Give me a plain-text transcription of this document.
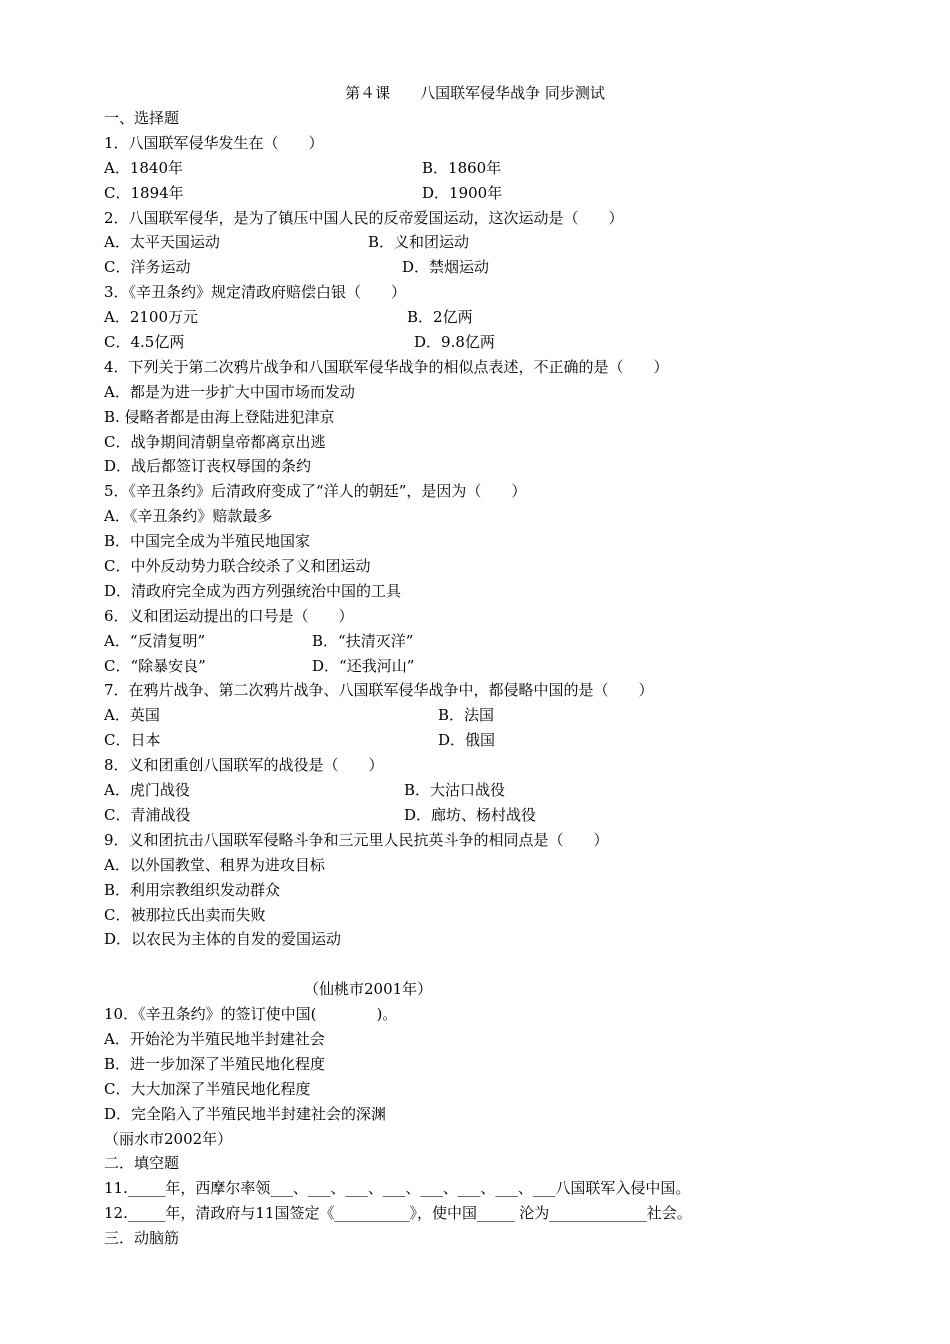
第４课　　八国联军侵华战争 同步测试
一、选择题
1．八国联军侵华发生在（　　）
A．1840年	B．1860年
C．1894年	D．1900年
2．八国联军侵华，是为了镇压中国人民的反帝爱国运动，这次运动是（　　）
A．太平天国运动	B．义和团运动
C．洋务运动	D．禁烟运动
3．《辛丑条约》规定清政府赔偿白银（　　）
A．2100万元	B．2亿两
C．4.5亿两	D．9.8亿两
4．下列关于第二次鸦片战争和八国联军侵华战争的相似点表述，不正确的是（　　）
A．都是为进一步扩大中国市场而发动
B. 侵略者都是由海上登陆进犯津京
C．战争期间清朝皇帝都离京出逃
D．战后都签订丧权辱国的条约
5．《辛丑条约》后清政府变成了“洋人的朝廷”，是因为（　　）
A．《辛丑条约》赔款最多
B．中国完全成为半殖民地国家
C．中外反动势力联合绞杀了义和团运动
D．清政府完全成为西方列强统治中国的工具
6．义和团运动提出的口号是（　　）
A．“反清复明”	B．“扶清灭洋”
C．“除暴安良”	D．“还我河山”
7．在鸦片战争、第二次鸦片战争、八国联军侵华战争中，都侵略中国的是（　　）
A．英国	B．法国
C．日本	D．俄国
8．义和团重创八国联军的战役是（　　）
A．虎门战役	B．大沽口战役
C．青浦战役	D．廊坊、杨村战役
9．义和团抗击八国联军侵略斗争和三元里人民抗英斗争的相同点是（　　）
A．以外国教堂、租界为进攻目标
B．利用宗教组织发动群众
C．被那拉氏出卖而失败
D．以农民为主体的自发的爱国运动
（仙桃市2001年）
10．《辛丑条约》的签订使中国(　　　　)。
A．开始沦为半殖民地半封建社会
B．进一步加深了半殖民地化程度
C．大大加深了半殖民地化程度
D．完全陷入了半殖民地半封建社会的深渊
（丽水市2002年）
二．填空题
11._____年，西摩尔率领___、___、___、___、___、___、___、___八国联军入侵中国。
12._____年，清政府与11国签定《__________》，使中国_____ 沦为_____________社会。
三．动脑筋
